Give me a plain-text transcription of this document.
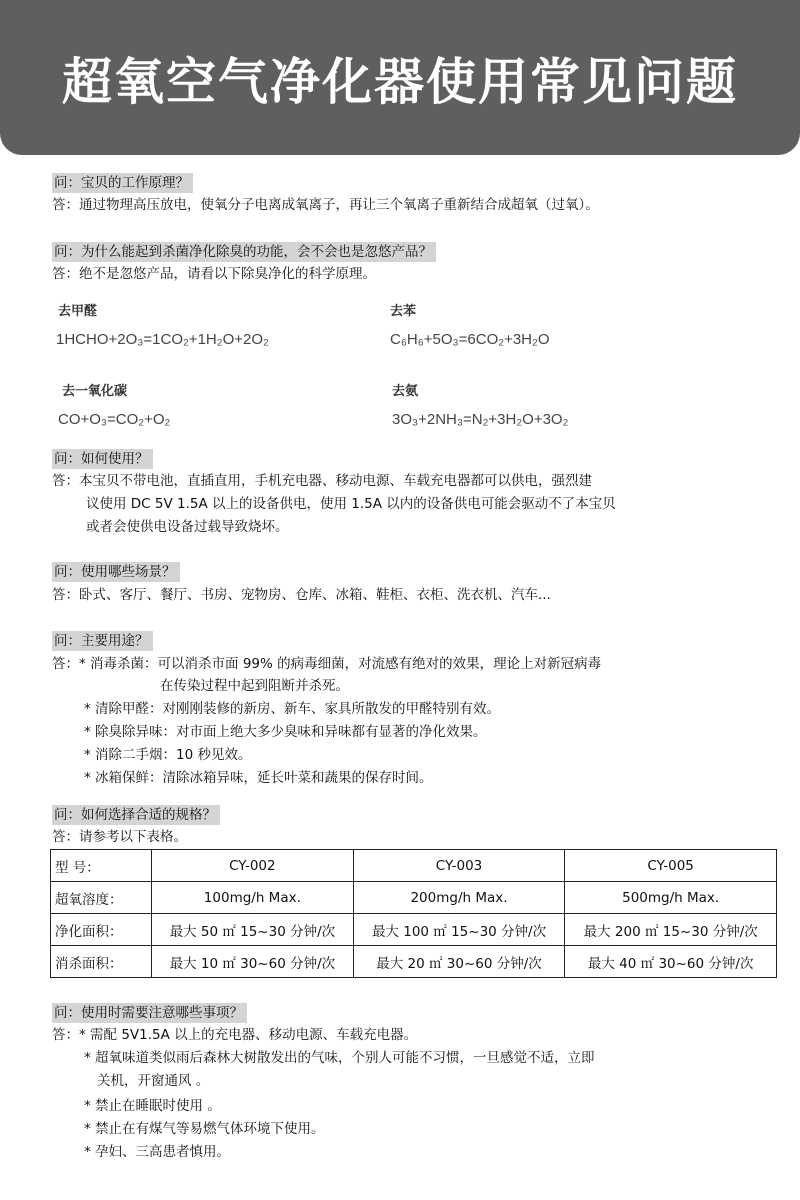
超氧空气净化器使用常见问题
问：宝贝的工作原理？
答：通过物理高压放电，使氧分子电离成氧离子，再让三个氧离子重新结合成超氧（过氧）。
问：为什么能起到杀菌净化除臭的功能，会不会也是忽悠产品？
答：绝不是忽悠产品，请看以下除臭净化的科学原理。
去甲醛
1HCHO+2O₃=1CO₂+1H₂O+2O₂
去苯
C₆H₆+5O₃=6CO₂+3H₂O
去一氧化碳
CO+O₃=CO₂+O₂
去氨
3O₃+2NH₃=N₂+3H₂O+3O₂
问：如何使用？
答：本宝贝不带电池，直插直用，手机充电器、移动电源、车载充电器都可以供电，强烈建
议使用 DC 5V 1.5A 以上的设备供电，使用 1.5A 以内的设备供电可能会驱动不了本宝贝
或者会使供电设备过载导致烧坏。
问：使用哪些场景？
答：卧式、客厅、餐厅、书房、宠物房、仓库、冰箱、鞋柜、衣柜、洗衣机、汽车...
问：主要用途？
答：* 消毒杀菌：可以消杀市面 99% 的病毒细菌，对流感有绝对的效果，理论上对新冠病毒
在传染过程中起到阻断并杀死。
* 清除甲醛：对刚刚装修的新房、新车、家具所散发的甲醛特别有效。
* 除臭除异味：对市面上绝大多少臭味和异味都有显著的净化效果。
* 消除二手烟：10 秒见效。
* 冰箱保鲜：清除冰箱异味，延长叶菜和蔬果的保存时间。
问：如何选择合适的规格？
答：请参考以下表格。
型 号：	CY-002	CY-003	CY-005
超氧溶度：	100mg/h Max.	200mg/h Max.	500mg/h Max.
净化面积：	最大 50 ㎡ 15~30 分钟/次	最大 100 ㎡ 15~30 分钟/次	最大 200 ㎡ 15~30 分钟/次
消杀面积：	最大 10 ㎡ 30~60 分钟/次	最大 20 ㎡ 30~60 分钟/次	最大 40 ㎡ 30~60 分钟/次
问：使用时需要注意哪些事项？
答：* 需配 5V1.5A 以上的充电器、移动电源、车载充电器。
* 超氧味道类似雨后森林大树散发出的气味，个别人可能不习惯，一旦感觉不适，立即
关机，开窗通风 。
* 禁止在睡眠时使用 。
* 禁止在有煤气等易燃气体环境下使用。
* 孕妇、三高患者慎用。
